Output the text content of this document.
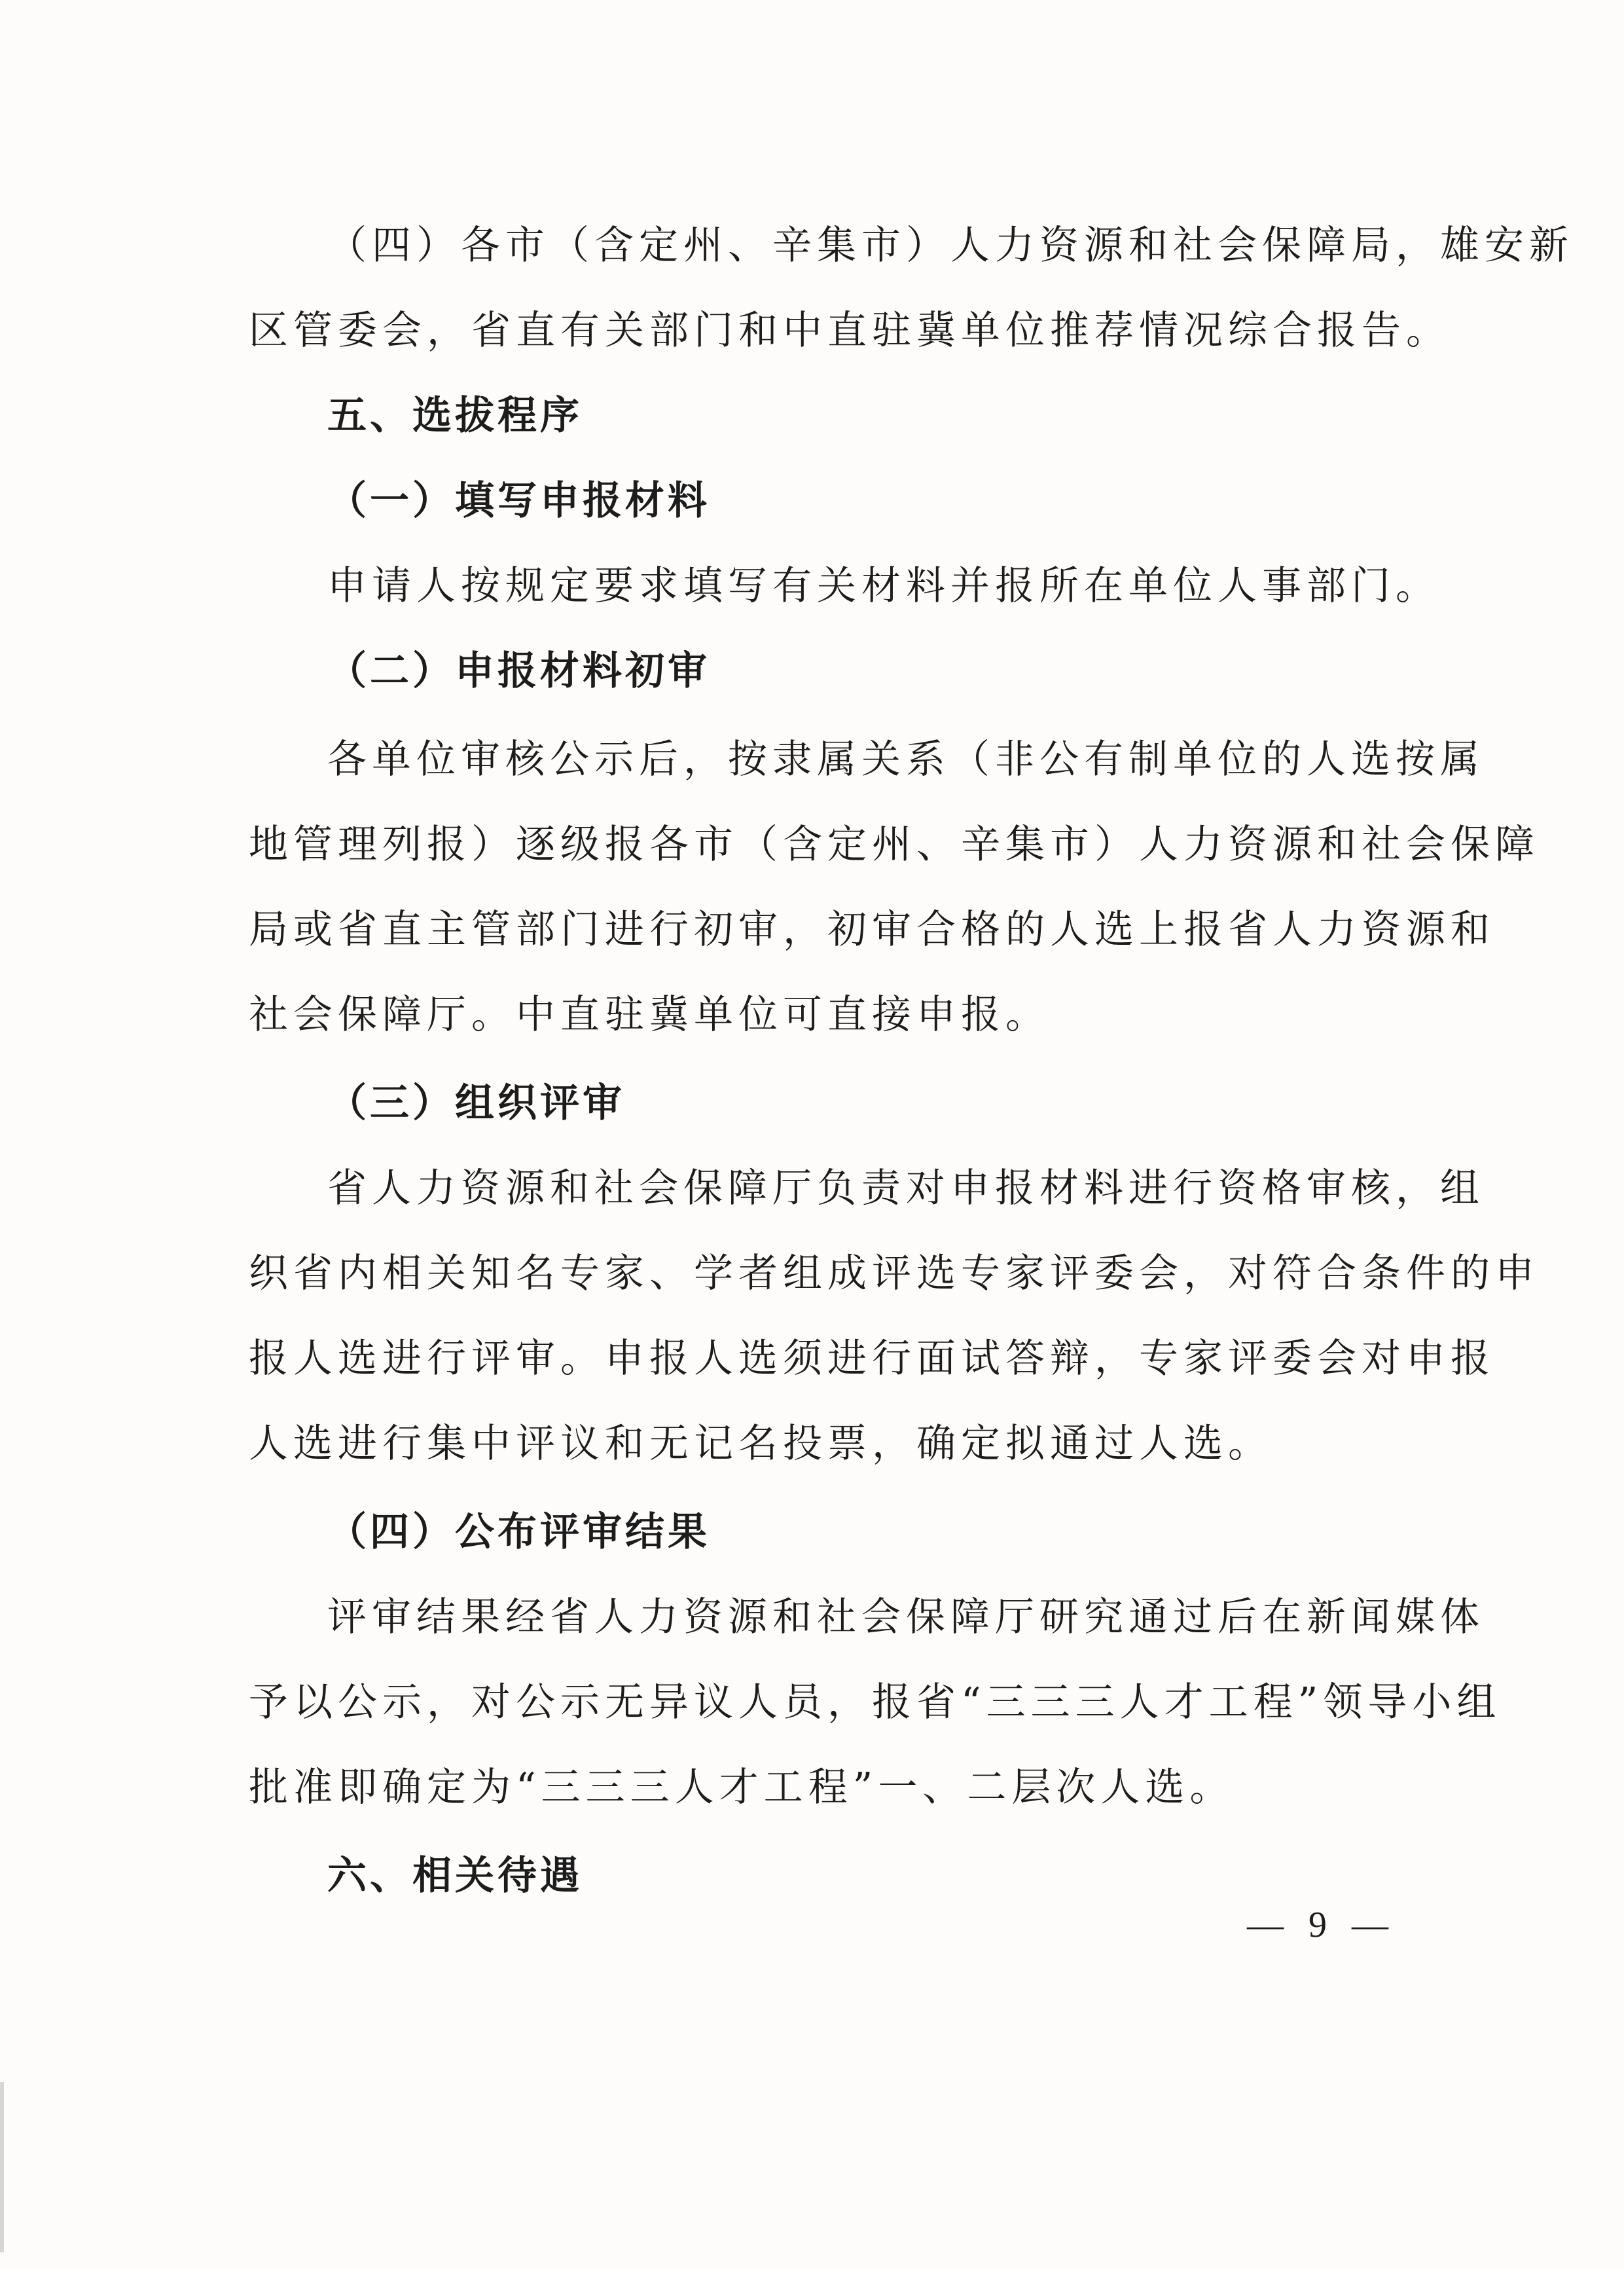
（四）各市（含定州、辛集市）人力资源和社会保障局，雄安新
区管委会，省直有关部门和中直驻冀单位推荐情况综合报告。
五、选拔程序
（一）填写申报材料
申请人按规定要求填写有关材料并报所在单位人事部门。
（二）申报材料初审
各单位审核公示后，按隶属关系（非公有制单位的人选按属
地管理列报）逐级报各市（含定州、辛集市）人力资源和社会保障
局或省直主管部门进行初审，初审合格的人选上报省人力资源和
社会保障厅。中直驻冀单位可直接申报。
（三）组织评审
省人力资源和社会保障厅负责对申报材料进行资格审核，组
织省内相关知名专家、学者组成评选专家评委会，对符合条件的申
报人选进行评审。申报人选须进行面试答辩，专家评委会对申报
人选进行集中评议和无记名投票，确定拟通过人选。
（四）公布评审结果
评审结果经省人力资源和社会保障厅研究通过后在新闻媒体
予以公示，对公示无异议人员，报省“三三三人才工程”领导小组
批准即确定为“三三三人才工程”一、二层次人选。
六、相关待遇
— 9 —
